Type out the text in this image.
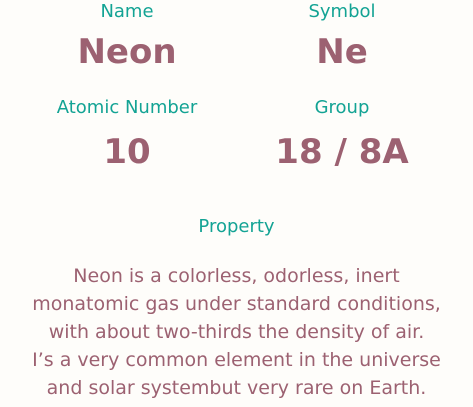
Name
Neon
Symbol
Ne
Atomic Number
10
Group
18 / 8A
Property
Neon is a colorless, odorless, inert
monatomic gas under standard conditions,
with about two-thirds the density of air.
I’s a very common element in the universe
and solar systembut very rare on Earth.
